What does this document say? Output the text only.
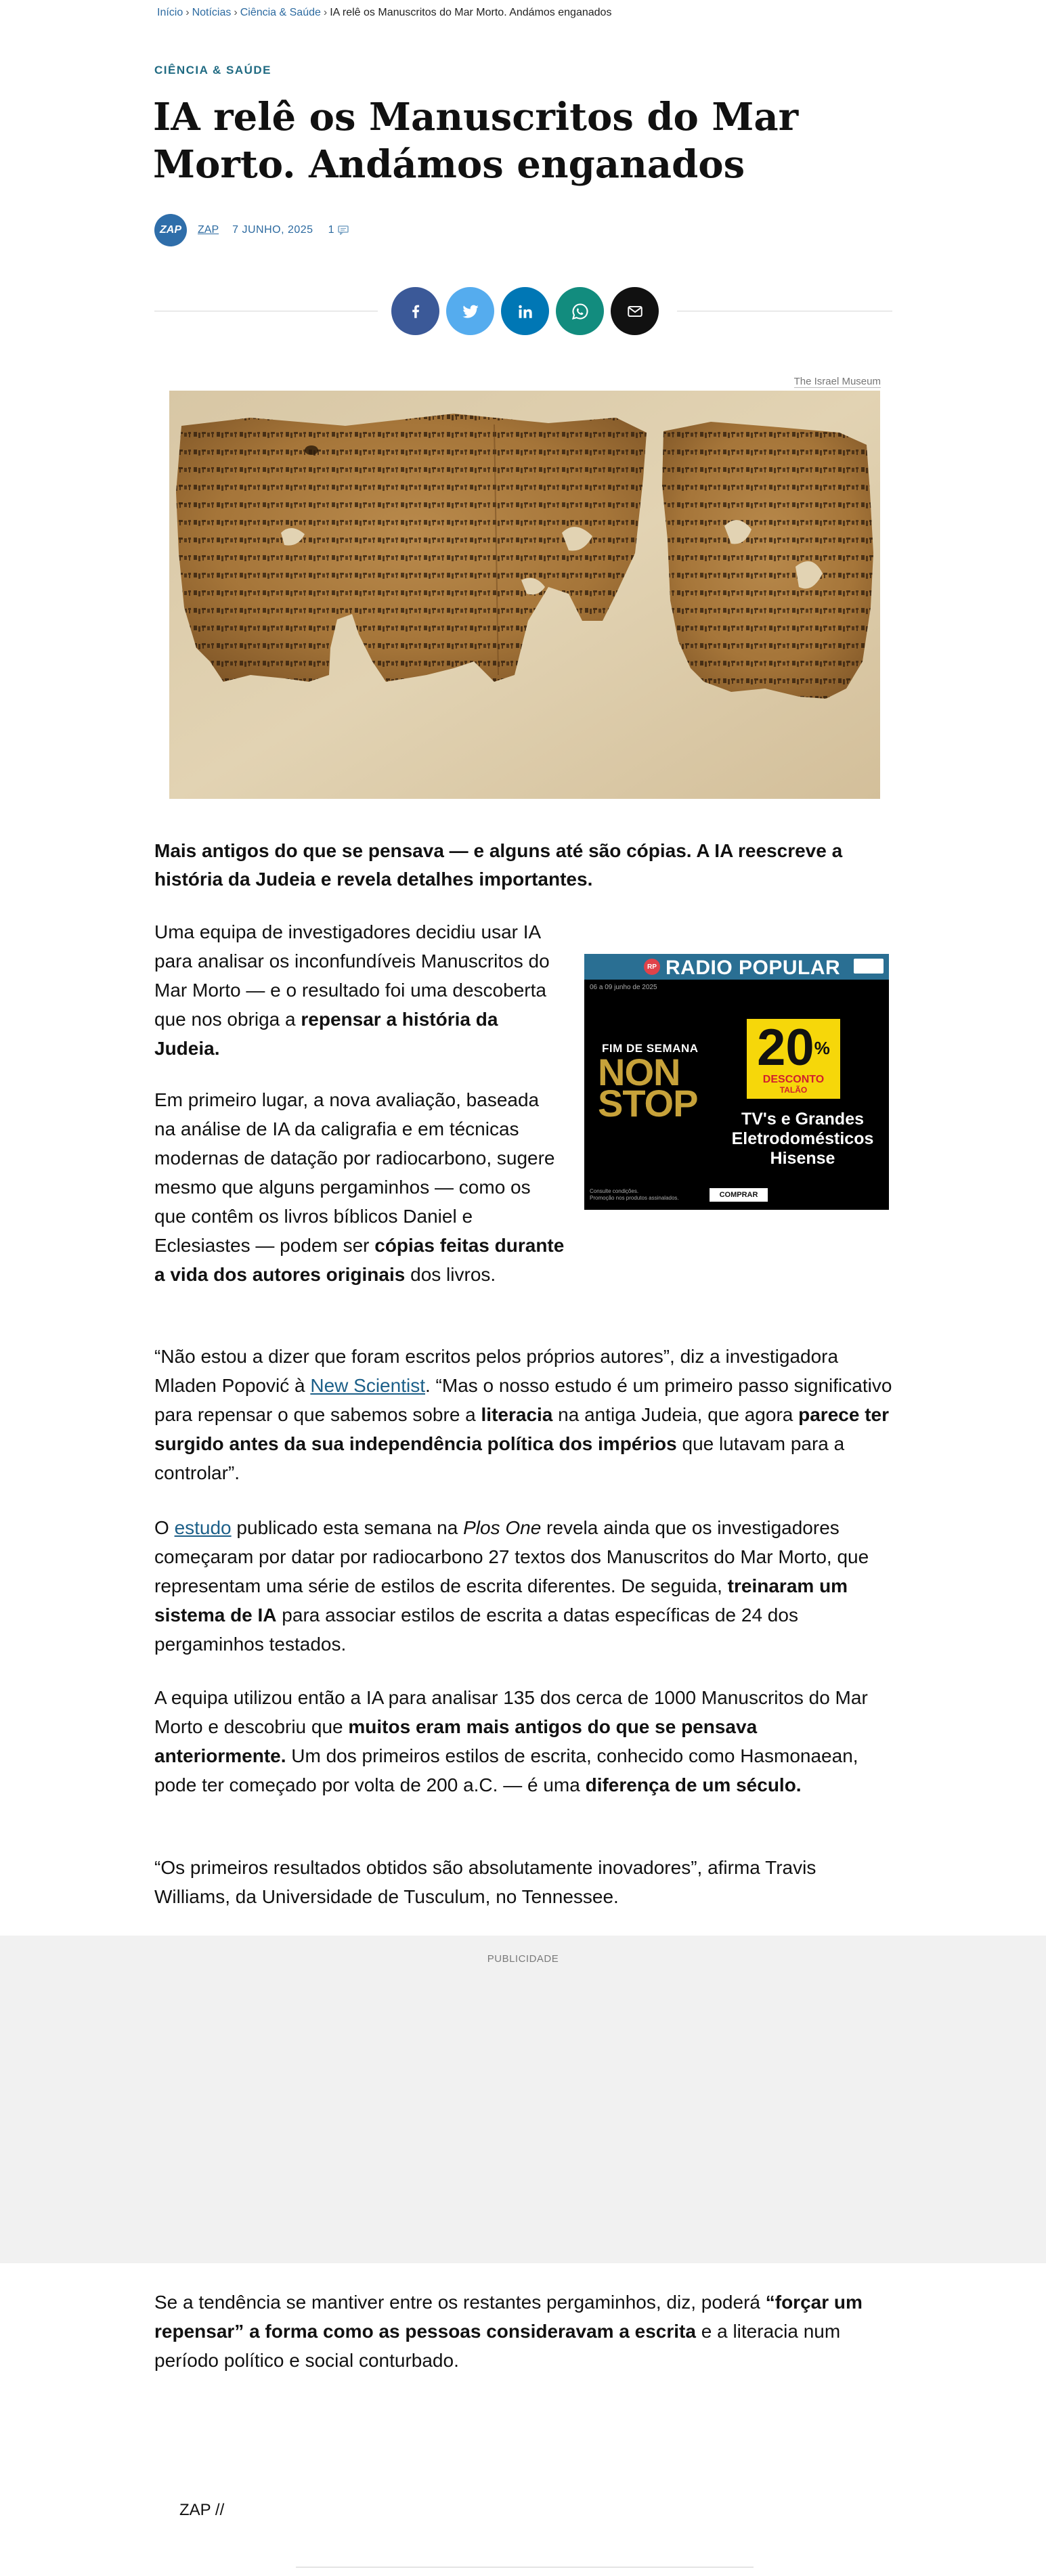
Início › Notícias › Ciência & Saúde › IA relê os Manuscritos do Mar Morto. Andámos enganados
CIÊNCIA & SAÚDE
IA relê os Manuscritos do Mar Morto. Andámos enganados
ZAP	ZAP 7 JUNHO, 2025 1
The Israel Museum

Mais antigos do que se pensava — e alguns até são cópias. A IA reescreve a história da Judeia e revela detalhes importantes.

Uma equipa de investigadores decidiu usar IA para analisar os inconfundíveis Manuscritos do Mar Morto — e o resultado foi uma descoberta que nos obriga a repensar a história da Judeia.

RP RADIO POPULAR
06 a 09 junho de 2025
FIM DE SEMANA
NON
STOP
20%
DESCONTO
TALÃO
TV's e Grandes
Eletrodomésticos
Hisense
Consulte condições.
Promoção nos produtos assinalados.	COMPRAR

Em primeiro lugar, a nova avaliação, baseada na análise de IA da caligrafia e em técnicas modernas de datação por radiocarbono, sugere mesmo que alguns pergaminhos — como os que contêm os livros bíblicos Daniel e Eclesiastes — podem ser cópias feitas durante a vida dos autores originais dos livros.

“Não estou a dizer que foram escritos pelos próprios autores”, diz a investigadora Mladen Popović à New Scientist. “Mas o nosso estudo é um primeiro passo significativo para repensar o que sabemos sobre a literacia na antiga Judeia, que agora parece ter surgido antes da sua independência política dos impérios que lutavam para a controlar”.

O estudo publicado esta semana na Plos One revela ainda que os investigadores começaram por datar por radiocarbono 27 textos dos Manuscritos do Mar Morto, que representam uma série de estilos de escrita diferentes. De seguida, treinaram um sistema de IA para associar estilos de escrita a datas específicas de 24 dos pergaminhos testados.

A equipa utilizou então a IA para analisar 135 dos cerca de 1000 Manuscritos do Mar Morto e descobriu que muitos eram mais antigos do que se pensava anteriormente. Um dos primeiros estilos de escrita, conhecido como Hasmonaean, pode ter começado por volta de 200 a.C. — é uma diferença de um século.

“Os primeiros resultados obtidos são absolutamente inovadores”, afirma Travis Williams, da Universidade de Tusculum, no Tennessee.

PUBLICIDADE

Se a tendência se mantiver entre os restantes pergaminhos, diz, poderá “forçar um repensar” a forma como as pessoas consideravam a escrita e a literacia num período político e social conturbado.

ZAP //
